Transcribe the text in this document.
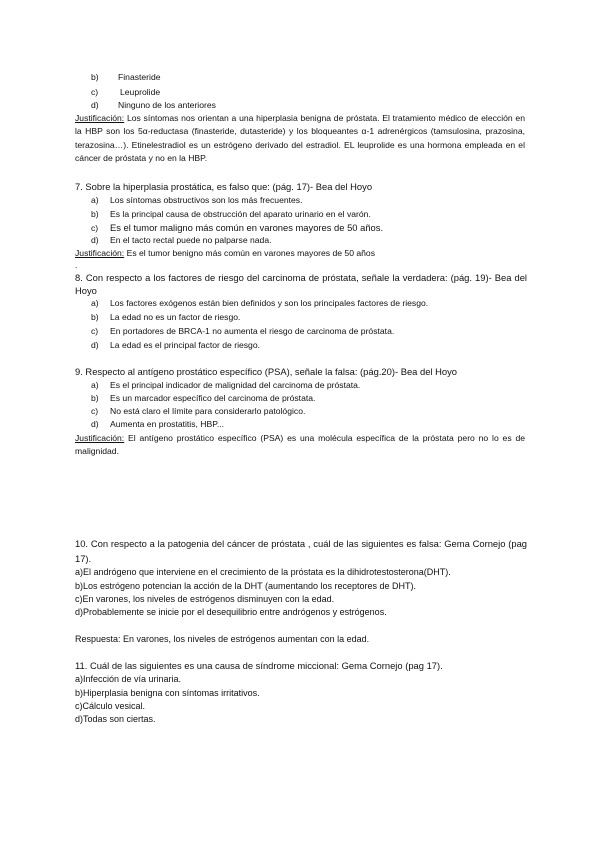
b) Finasteride
c)	Leuprolide
d) Ninguno de los anteriores
Justificación: Los síntomas nos orientan a una hiperplasia benigna de próstata. El tratamiento médico de elección en la HBP son los 5α-reductasa (finasteride, dutasteride) y los bloqueantes α-1 adrenérgicos (tamsulosina, prazosina, terazosina…). Etinelestradiol es un estrógeno derivado del estradiol. EL leuprolide es una hormona empleada en el cáncer de próstata y no en la HBP.
7. Sobre la hiperplasia prostática, es falso que: (pág. 17)- Bea del Hoyo
a) Los síntomas obstructivos son los más frecuentes.
b) Es la principal causa de obstrucción del aparato urinario en el varón.
c) Es el tumor maligno más común en varones mayores de 50 años.
d) En el tacto rectal puede no palparse nada.
Justificación: Es el tumor benigno más común en varones mayores de 50 años
.
8. Con respecto a los factores de riesgo del carcinoma de próstata, señale la verdadera: (pág. 19)- Bea del Hoyo
a) Los factores exógenos están bien definidos y son los principales factores de riesgo.
b) La edad no es un factor de riesgo.
c) En portadores de BRCA-1 no aumenta el riesgo de carcinoma de próstata.
d) La edad es el principal factor de riesgo.
9. Respecto al antígeno prostático específico (PSA), señale la falsa: (pág.20)- Bea del Hoyo
a) Es el principal indicador de malignidad del carcinoma de próstata.
b) Es un marcador específico del carcinoma de próstata.
c) No está claro el límite para considerarlo patológico.
d) Aumenta en prostatitis, HBP...
Justificación: El antígeno prostático específico (PSA) es una molécula específica de la próstata pero no lo es de malignidad.
10. Con respecto a la patogenia del cáncer de próstata , cuál de las siguientes es falsa: Gema Cornejo (pag 17).
a)El andrógeno que interviene en el crecimiento de la próstata es la dihidrotestosterona(DHT).
b)Los estrógeno potencian la acción de la DHT (aumentando los receptores de DHT).
c)En varones, los niveles de estrógenos disminuyen con la edad.
d)Probablemente se inicie por el desequilibrio entre andrógenos y estrógenos.
Respuesta: En varones, los niveles de estrógenos aumentan con la edad.
11. Cuál de las siguientes es una causa de síndrome miccional: Gema Cornejo (pag 17).
a)Infección de vía urinaria.
b)Hiperplasia benigna con síntomas irritativos.
c)Cálculo vesical.
d)Todas son ciertas.
